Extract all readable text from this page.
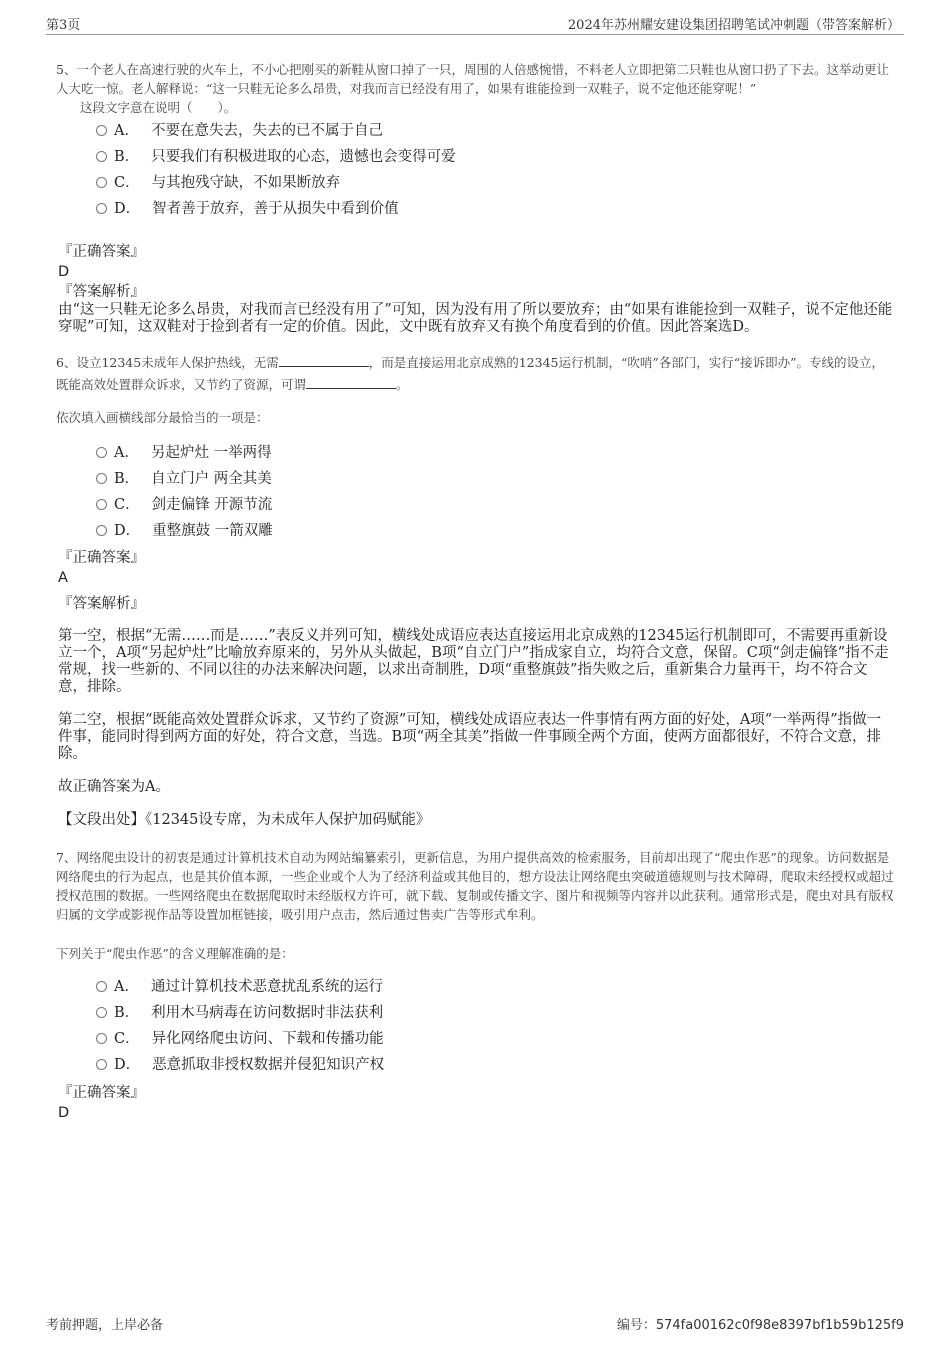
第3页	2024年苏州耀安建设集团招聘笔试冲刺题（带答案解析）

5、一个老人在高速行驶的火车上，不小心把刚买的新鞋从窗口掉了一只，周围的人倍感惋惜，不料老人立即把第二只鞋也从窗口扔了下去。这举动更让人大吃一惊。老人解释说：“这一只鞋无论多么昂贵，对我而言已经没有用了，如果有谁能捡到一双鞋子，说不定他还能穿呢！”

这段文字意在说明（　　）。

A． 不要在意失去，失去的已不属于自己
B． 只要我们有积极进取的心态，遗憾也会变得可爱
C． 与其抱残守缺，不如果断放弃
D． 智者善于放弃，善于从损失中看到价值

『正确答案』

D

『答案解析』

由“这一只鞋无论多么昂贵，对我而言已经没有用了”可知，因为没有用了所以要放弃；由“如果有谁能捡到一双鞋子，说不定他还能穿呢”可知，这双鞋对于捡到者有一定的价值。因此，文中既有放弃又有换个角度看到的价值。因此答案选D。

6、设立12345未成年人保护热线，无需	，而是直接运用北京成熟的12345运行机制，“吹哨”各部门，实行“接诉即办”。专线的设立，既能高效处置群众诉求，又节约了资源，可谓	。

依次填入画横线部分最恰当的一项是：

A． 另起炉灶 一举两得
B． 自立门户 两全其美
C． 剑走偏锋 开源节流
D． 重整旗鼓 一箭双雕

『正确答案』

A

『答案解析』

第一空，根据“无需……而是……”表反义并列可知，横线处成语应表达直接运用北京成熟的12345运行机制即可，不需要再重新设立一个，A项“另起炉灶”比喻放弃原来的，另外从头做起，B项“自立门户”指成家自立，均符合文意，保留。C项“剑走偏锋”指不走常规，找一些新的、不同以往的办法来解决问题，以求出奇制胜，D项“重整旗鼓”指失败之后，重新集合力量再干，均不符合文意，排除。

第二空，根据“既能高效处置群众诉求，又节约了资源”可知，横线处成语应表达一件事情有两方面的好处，A项“一举两得”指做一件事，能同时得到两方面的好处，符合文意，当选。B项“两全其美”指做一件事顾全两个方面，使两方面都很好，不符合文意，排除。

故正确答案为A。

【文段出处】《12345设专席，为未成年人保护加码赋能》

7、网络爬虫设计的初衷是通过计算机技术自动为网站编纂索引，更新信息，为用户提供高效的检索服务，目前却出现了“爬虫作恶”的现象。访问数据是网络爬虫的行为起点，也是其价值本源，一些企业或个人为了经济利益或其他目的，想方设法让网络爬虫突破道德规则与技术障碍，爬取未经授权或超过授权范围的数据。一些网络爬虫在数据爬取时未经版权方许可，就下载、复制或传播文字、图片和视频等内容并以此获利。通常形式是，爬虫对具有版权归属的文学或影视作品等设置加框链接，吸引用户点击，然后通过售卖广告等形式牟利。

下列关于“爬虫作恶”的含义理解准确的是：

A． 通过计算机技术恶意扰乱系统的运行
B． 利用木马病毒在访问数据时非法获利
C． 异化网络爬虫访问、下载和传播功能
D． 恶意抓取非授权数据并侵犯知识产权

『正确答案』

D

考前押题，上岸必备	编号：574fa00162c0f98e8397bf1b59b125f9
